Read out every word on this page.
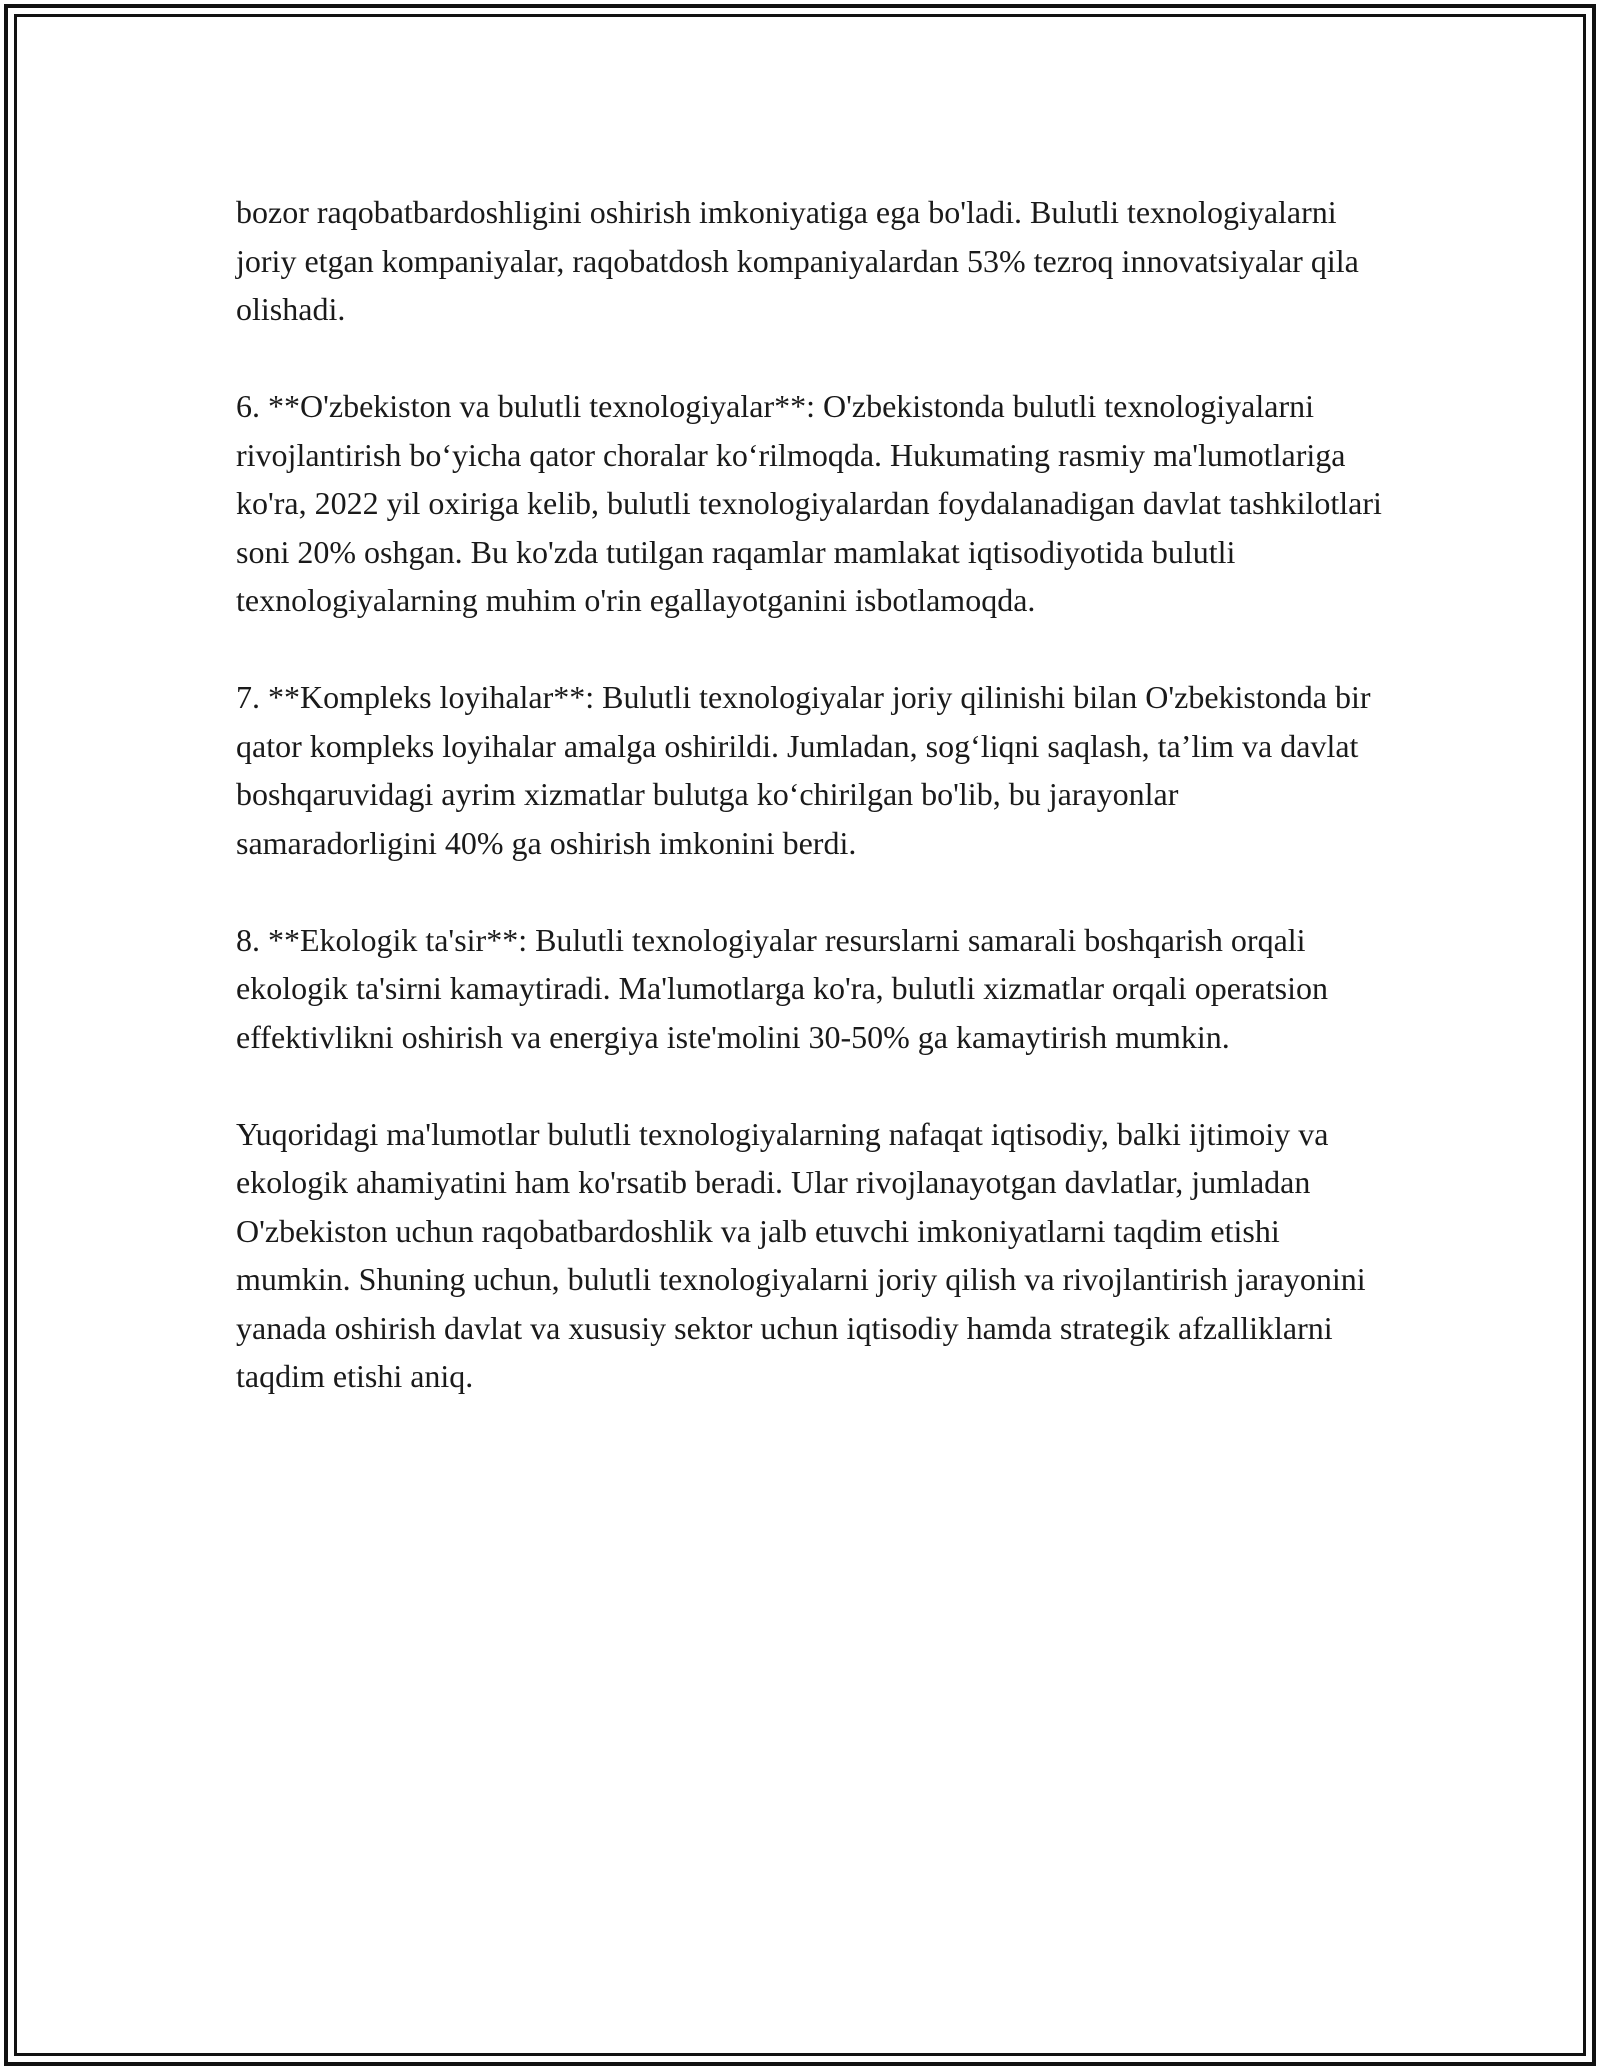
bozor raqobatbardoshligini oshirish imkoniyatiga ega bo'ladi. Bulutli texnologiyalarni joriy etgan kompaniyalar, raqobatdosh kompaniyalardan 53% tezroq innovatsiyalar qila olishadi.

6. **O'zbekiston va bulutli texnologiyalar**: O'zbekistonda bulutli texnologiyalarni rivojlantirish bo‘yicha qator choralar ko‘rilmoqda. Hukumating rasmiy ma'lumotlariga ko'ra, 2022 yil oxiriga kelib, bulutli texnologiyalardan foydalanadigan davlat tashkilotlari soni 20% oshgan. Bu ko'zda tutilgan raqamlar mamlakat iqtisodiyotida bulutli texnologiyalarning muhim o'rin egallayotganini isbotlamoqda.

7. **Kompleks loyihalar**: Bulutli texnologiyalar joriy qilinishi bilan O'zbekistonda bir qator kompleks loyihalar amalga oshirildi. Jumladan, sog‘liqni saqlash, ta’lim va davlat boshqaruvidagi ayrim xizmatlar bulutga ko‘chirilgan bo'lib, bu jarayonlar samaradorligini 40% ga oshirish imkonini berdi.

8. **Ekologik ta'sir**: Bulutli texnologiyalar resurslarni samarali boshqarish orqali ekologik ta'sirni kamaytiradi. Ma'lumotlarga ko'ra, bulutli xizmatlar orqali operatsion effektivlikni oshirish va energiya iste'molini 30-50% ga kamaytirish mumkin.

Yuqoridagi ma'lumotlar bulutli texnologiyalarning nafaqat iqtisodiy, balki ijtimoiy va ekologik ahamiyatini ham ko'rsatib beradi. Ular rivojlanayotgan davlatlar, jumladan O'zbekiston uchun raqobatbardoshlik va jalb etuvchi imkoniyatlarni taqdim etishi mumkin. Shuning uchun, bulutli texnologiyalarni joriy qilish va rivojlantirish jarayonini yanada oshirish davlat va xususiy sektor uchun iqtisodiy hamda strategik afzalliklarni taqdim etishi aniq.
